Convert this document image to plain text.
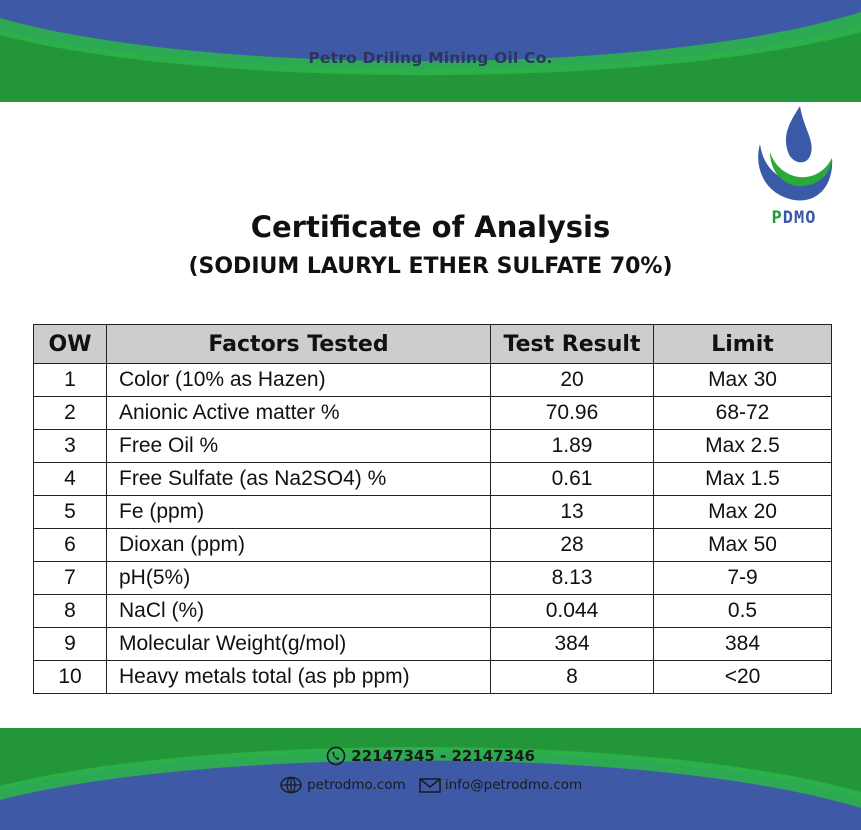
Petro Driling Mining Oil Co.
PDMO
Certificate of Analysis
(SODIUM LAURYL ETHER SULFATE 70%)
OW	Factors Tested	Test Result	Limit
1	Color (10% as Hazen)	20	Max 30
2	Anionic Active matter %	70.96	68-72
3	Free Oil %	1.89	Max 2.5
4	Free Sulfate (as Na2SO4) %	0.61	Max 1.5
5	Fe (ppm)	13	Max 20
6	Dioxan (ppm)	28	Max 50
7	pH(5%)	8.13	7-9
8	NaCl (%)	0.044	0.5
9	Molecular Weight(g/mol)	384	384
10	Heavy metals total (as pb ppm)	8	<20
22147345 - 22147346
petrodmo.com	info@petrodmo.com
